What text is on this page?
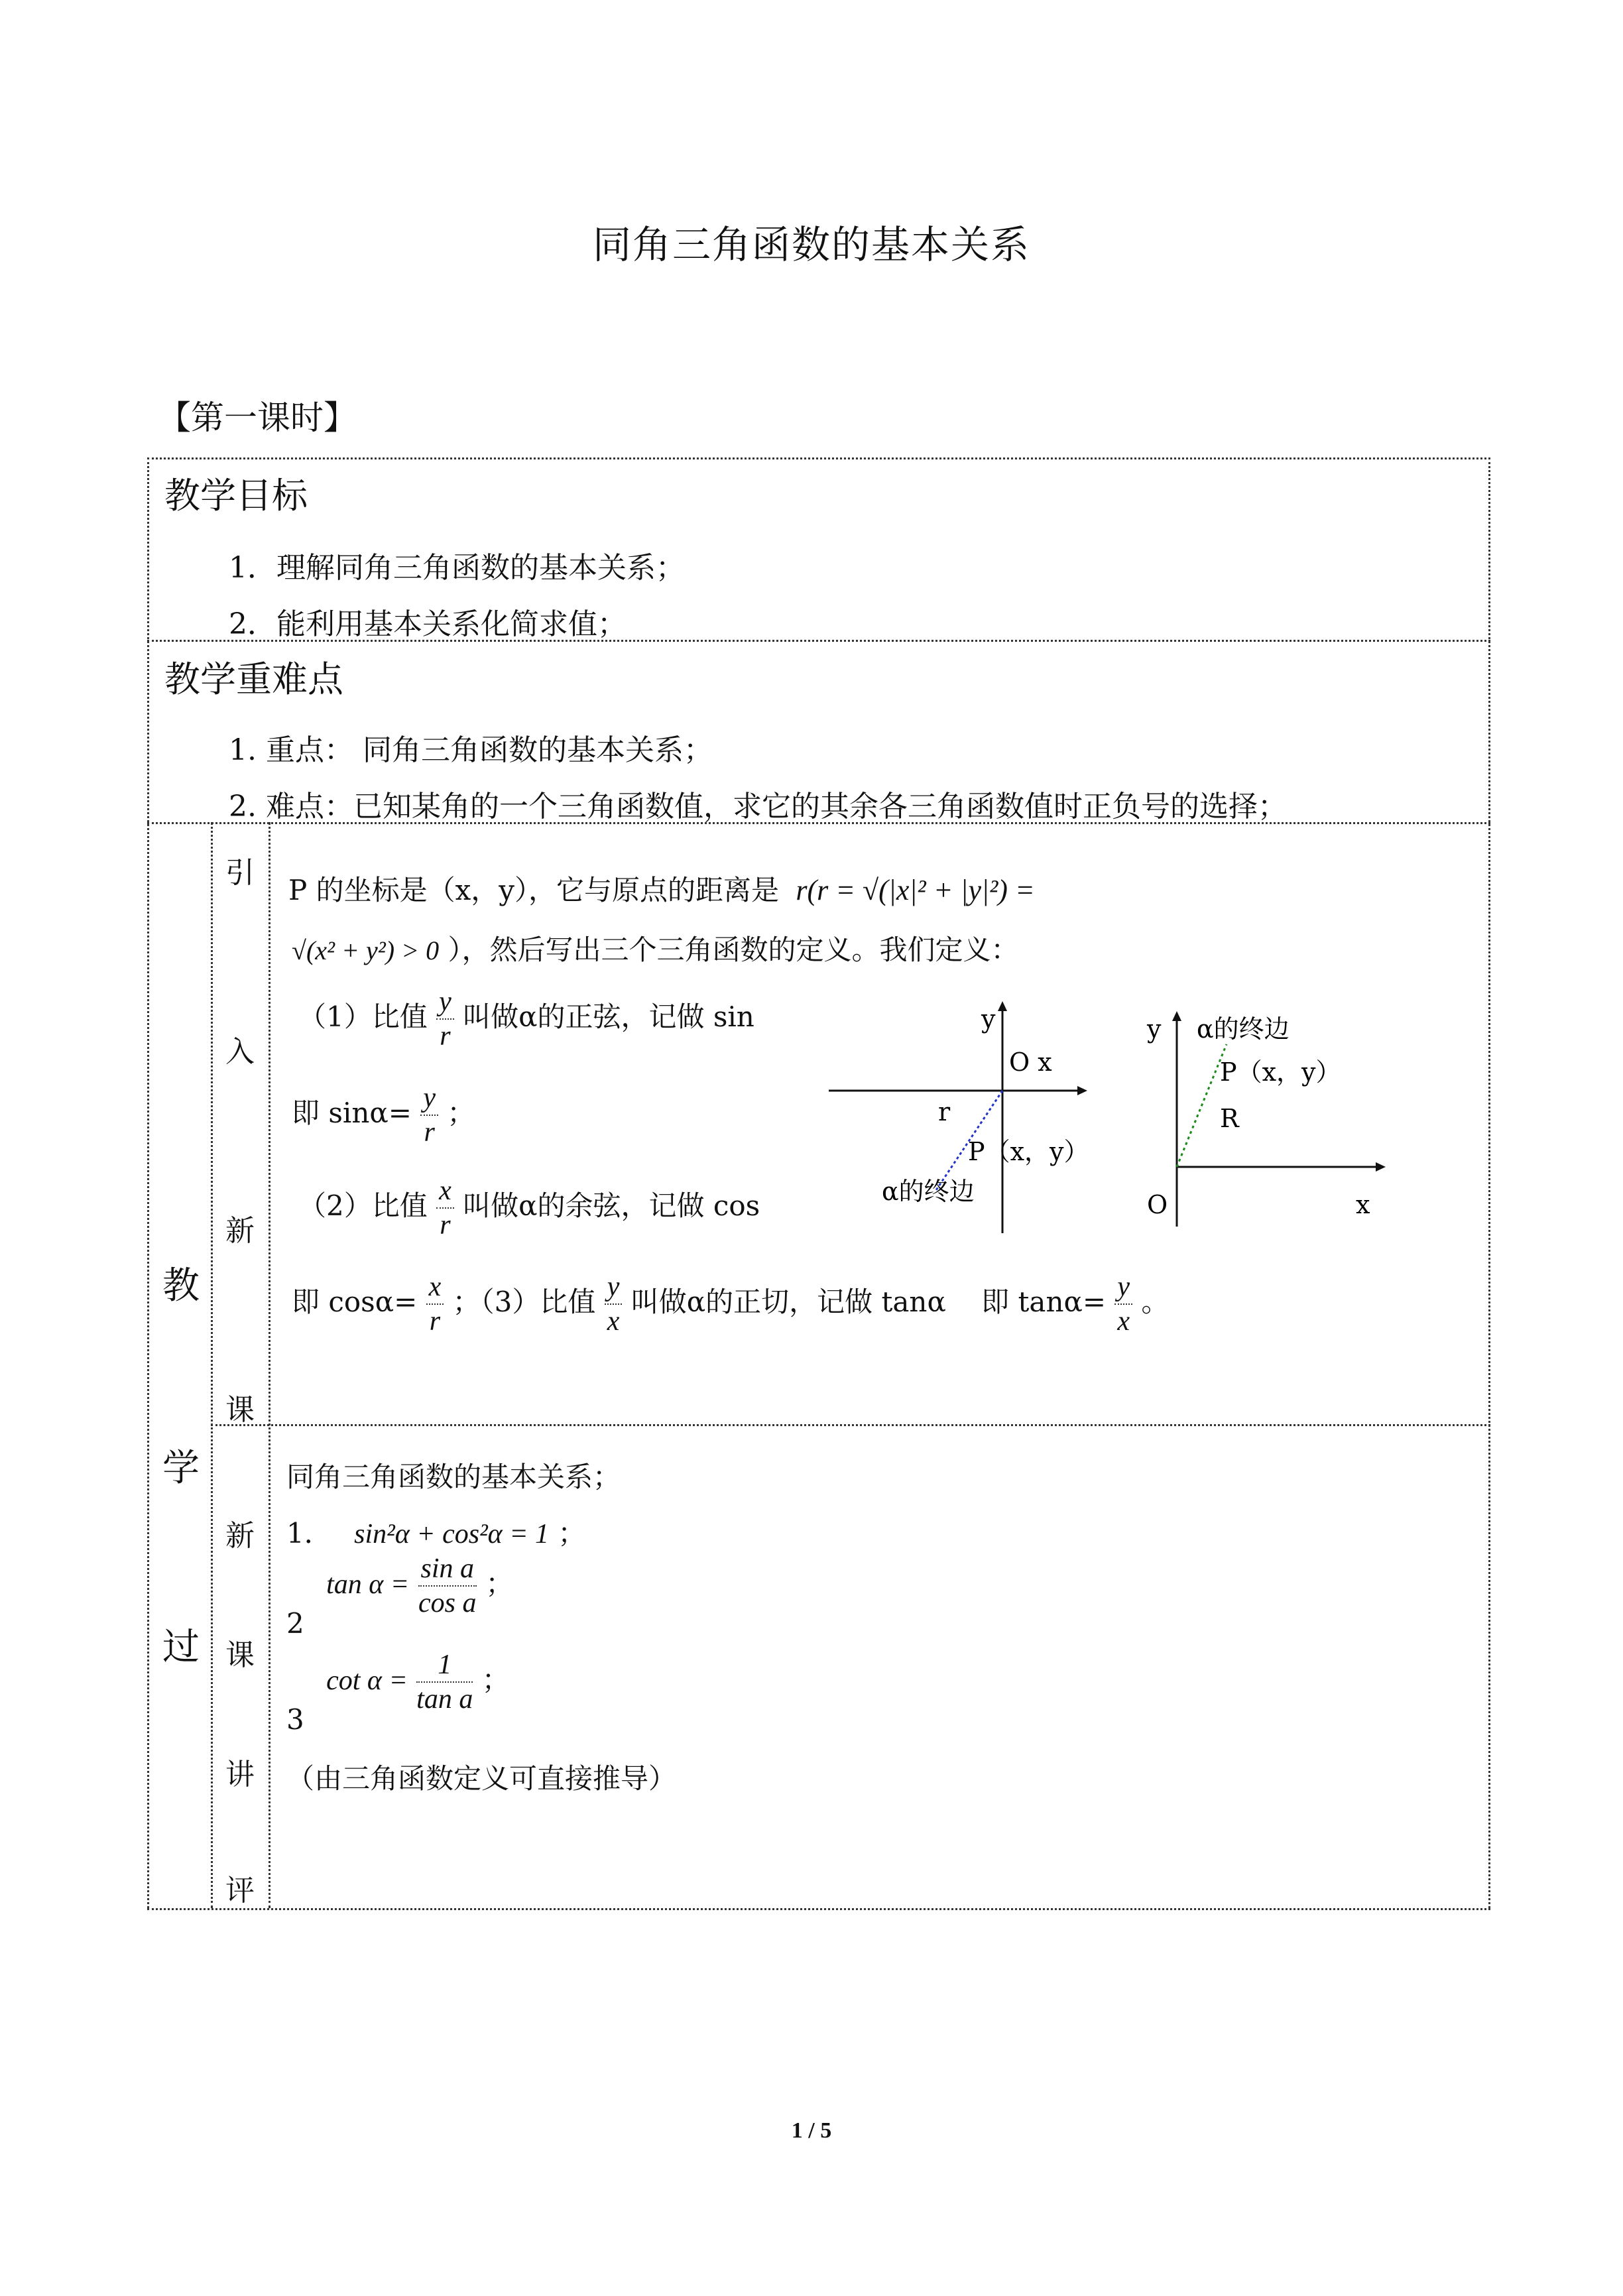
同角三角函数的基本关系
【第一课时】
教学目标
1．理解同角三角函数的基本关系；
2．能利用基本关系化简求值；
教学重难点
1. 重点： 同角三角函数的基本关系；
2. 难点：已知某角的一个三角函数值，求它的其余各三角函数值时正负号的选择；
教
学
过
引
入
新
课
P 的坐标是（x，y），它与原点的距离是 r(r = √(|x|² + |y|²) =
√(x² + y²) > 0 ），然后写出三个三角函数的定义。我们定义：
（1）比值 $\frac{y}{r}$ 叫做α的正弦，记做 sin
即 $\sin\alpha= \frac{y}{r}$ ；
（2）比值 $\frac{x}{r}$ 叫做α的余弦，记做 cos
即 $\cos\alpha= \frac{x}{r}$ ；（3）比值 $\frac{y}{x}$ 叫做α的正切，记做 tanα 即 $\tan\alpha= \frac{y}{x}$ 。
y
O x
r
P（x，y）
α的终边
y α的终边
P（x，y）
R
O	x
新
课
讲
评
同角三角函数的基本关系；
1． sin²α + cos²α = 1 ；
2 $\tan \alpha = \frac{\text{sin a}}{\text{cos a}}$ ；
3 $\cot \alpha = \frac{1}{\text{tan a}}$ ；
（由三角函数定义可直接推导）
1 / 5
